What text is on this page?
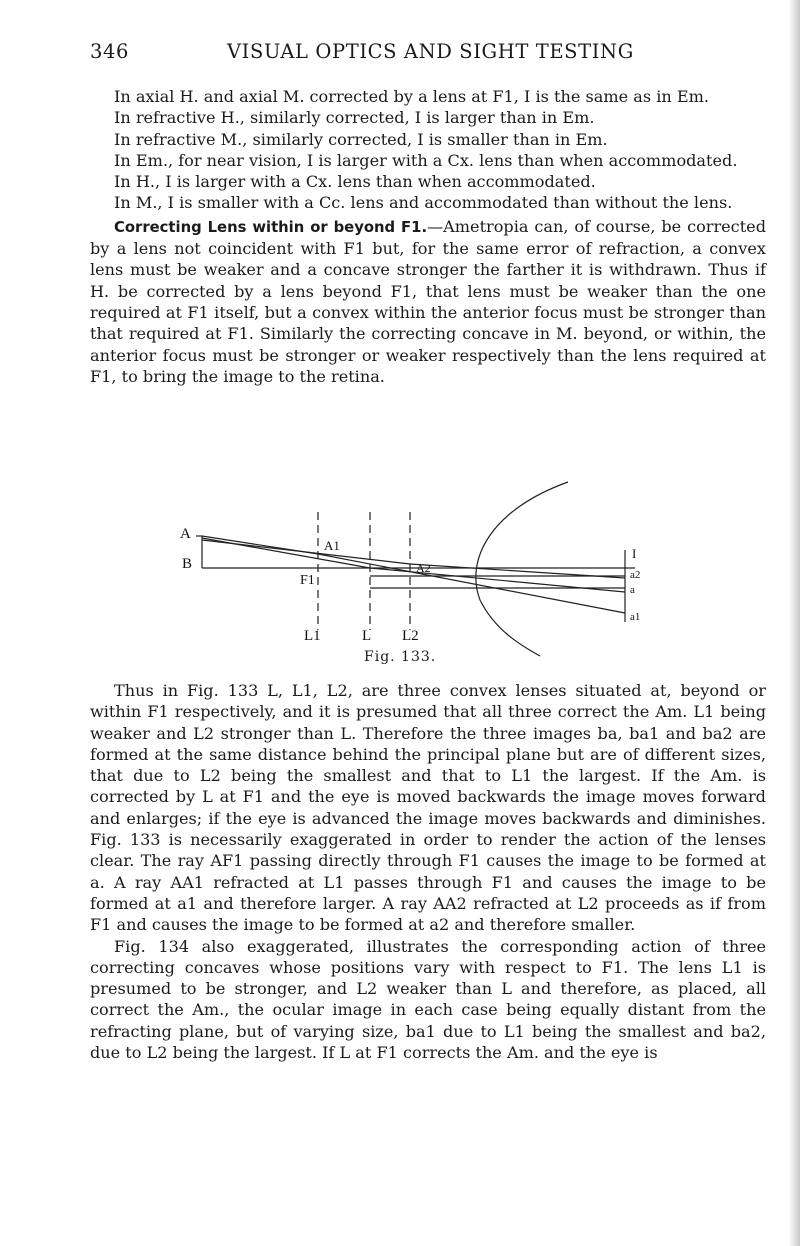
346	VISUAL OPTICS AND SIGHT TESTING

In axial H. and axial M. corrected by a lens at F1, I is the same as in Em.

In refractive H., similarly corrected, I is larger than in Em.

In refractive M., similarly corrected, I is smaller than in Em.

In Em., for near vision, I is larger with a Cx. lens than when accommodated.

In H., I is larger with a Cx. lens than when accommodated.

In M., I is smaller with a Cc. lens and accommodated than without the lens.

Correcting Lens within or beyond F1.—Ametropia can, of course, be corrected by a lens not coincident with F1 but, for the same error of refraction, a convex lens must be weaker and a concave stronger the farther it is withdrawn. Thus if H. be corrected by a lens beyond F1, that lens must be weaker than the one required at F1 itself, but a convex within the anterior focus must be stronger than that required at F1. Similarly the correcting concave in M. beyond, or within, the anterior focus must be stronger or weaker respectively than the lens required at F1, to bring the image to the retina.

A
B
A1
A2
F1
L1	L L2
I
a2
a
a1
Fig. 133.

Thus in Fig. 133 L, L1, L2, are three convex lenses situated at, beyond or within F1 respectively, and it is presumed that all three correct the Am. L1 being weaker and L2 stronger than L. Therefore the three images ba, ba1 and ba2 are formed at the same distance behind the principal plane but are of different sizes, that due to L2 being the smallest and that to L1 the largest. If the Am. is corrected by L at F1 and the eye is moved backwards the image moves forward and enlarges; if the eye is advanced the image moves backwards and diminishes. Fig. 133 is necessarily exaggerated in order to render the action of the lenses clear. The ray AF1 passing directly through F1 causes the image to be formed at a. A ray AA1 refracted at L1 passes through F1 and causes the image to be formed at a1 and therefore larger. A ray AA2 refracted at L2 proceeds as if from F1 and causes the image to be formed at a2 and therefore smaller.

Fig. 134 also exaggerated, illustrates the corresponding action of three correcting concaves whose positions vary with respect to F1. The lens L1 is presumed to be stronger, and L2 weaker than L and therefore, as placed, all correct the Am., the ocular image in each case being equally distant from the refracting plane, but of varying size, ba1 due to L1 being the smallest and ba2, due to L2 being the largest. If L at F1 corrects the Am. and the eye is
